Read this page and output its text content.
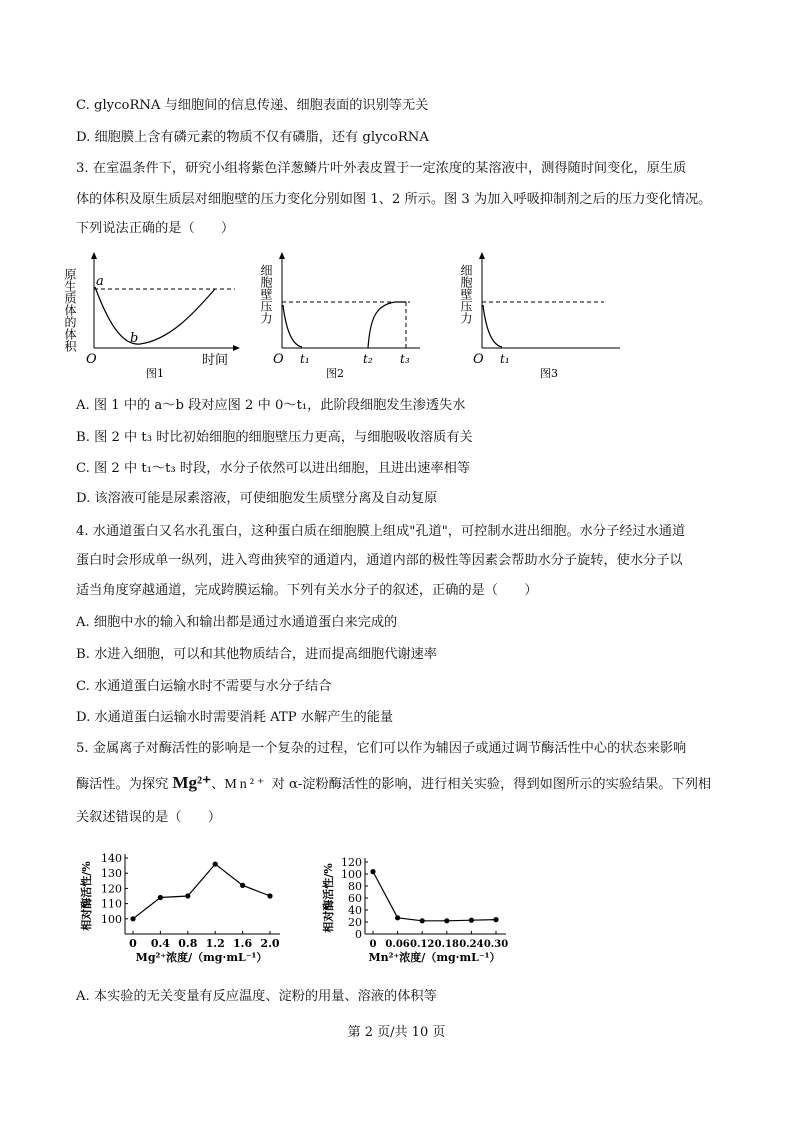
C. glycoRNA 与细胞间的信息传递、细胞表面的识别等无关
D. 细胞膜上含有磷元素的物质不仅有磷脂，还有 glycoRNA
3. 在室温条件下，研究小组将紫色洋葱鳞片叶外表皮置于一定浓度的某溶液中，测得随时间变化，原生质
体的体积及原生质层对细胞壁的压力变化分别如图 1、2 所示。图 3 为加入呼吸抑制剂之后的压力变化情况。
下列说法正确的是（　　）
原生质体的体积 a
b
O	时间
图1
细胞壁压力
O t₁	t₂ t₃
图2
细胞壁压力
O t₁
图3
A. 图 1 中的 a～b 段对应图 2 中 0～t₁，此阶段细胞发生渗透失水
B. 图 2 中 t₃ 时比初始细胞的细胞壁压力更高，与细胞吸收溶质有关
C. 图 2 中 t₁～t₃ 时段，水分子依然可以进出细胞，且进出速率相等
D. 该溶液可能是尿素溶液，可使细胞发生质壁分离及自动复原
4. 水通道蛋白又名水孔蛋白，这种蛋白质在细胞膜上组成"孔道"，可控制水进出细胞。水分子经过水通道
蛋白时会形成单一纵列，进入弯曲狭窄的通道内，通道内部的极性等因素会帮助水分子旋转，使水分子以
适当角度穿越通道，完成跨膜运输。下列有关水分子的叙述，正确的是（　　）
A. 细胞中水的输入和输出都是通过水通道蛋白来完成的
B. 水进入细胞，可以和其他物质结合，进而提高细胞代谢速率
C. 水通道蛋白运输水时不需要与水分子结合
D. 水通道蛋白运输水时需要消耗 ATP 水解产生的能量
5. 金属离子对酶活性的影响是一个复杂的过程，它们可以作为辅因子或通过调节酶活性中心的状态来影响
酶活性。为探究 Mg²⁺、Mn²⁺ 对 α-淀粉酶活性的影响，进行相关实验，得到如图所示的实验结果。下列相
关叙述错误的是（　　）
100
110
120
130
140
0 0.4 0.8 1.2 1.6 2.0
Mg²⁺浓度/（mg·mL⁻¹）
相对酶活性/%
0
20
40
60
80
100
120
0 0.06 0.12 0.18 0.24 0.30
Mn²⁺浓度/（mg·mL⁻¹）
相对酶活性/%
A. 本实验的无关变量有反应温度、淀粉的用量、溶液的体积等
第 2 页/共 10 页
